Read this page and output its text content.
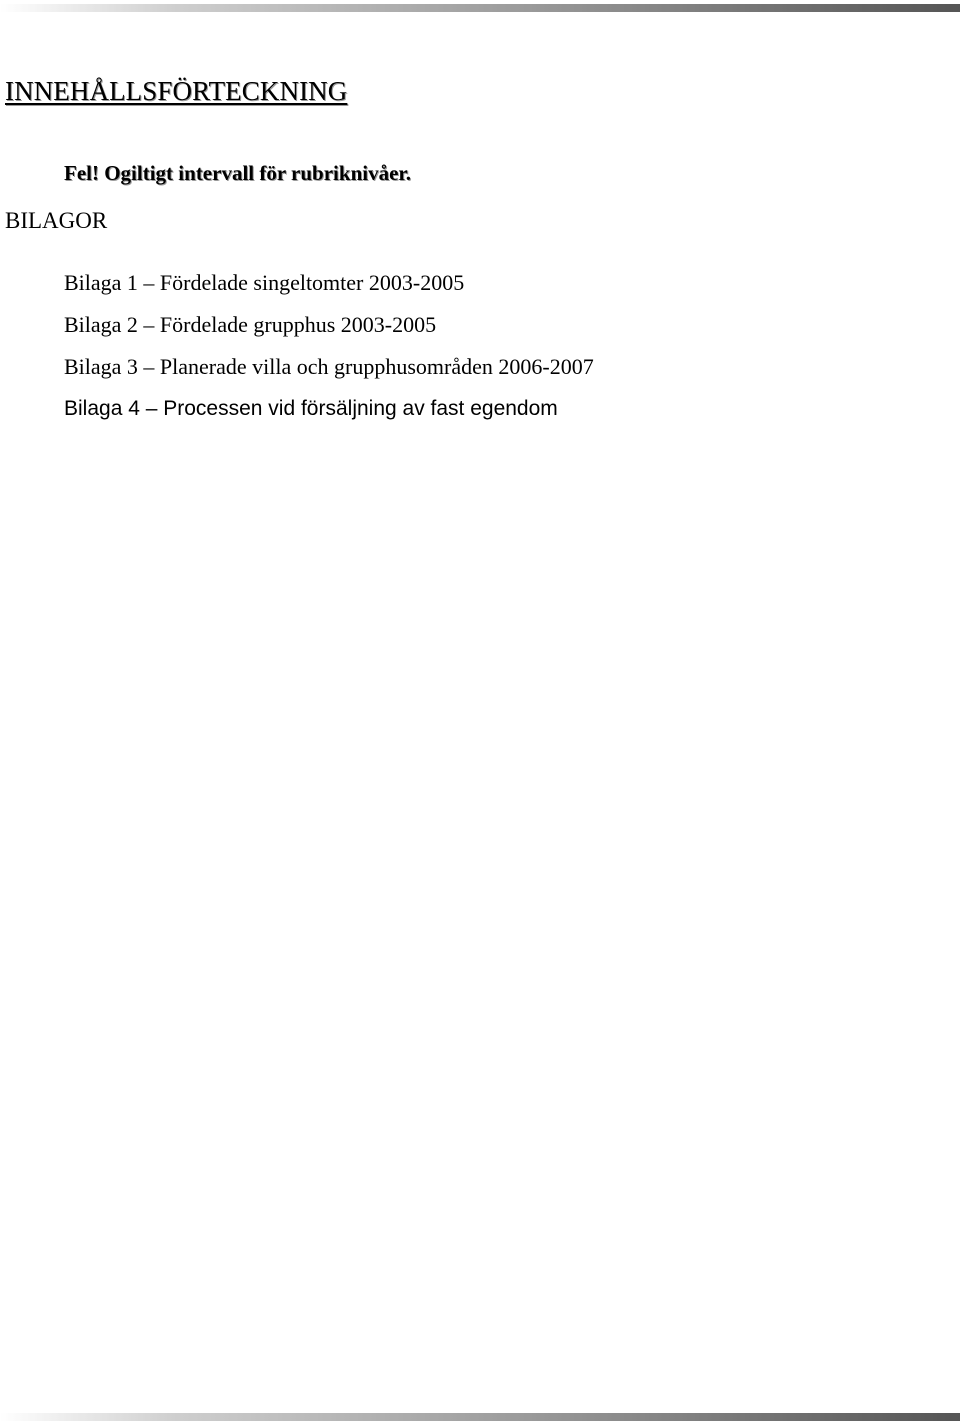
INNEHÅLLSFÖRTECKNING
Fel! Ogiltigt intervall för rubriknivåer.
BILAGOR
Bilaga 1 – Fördelade singeltomter 2003-2005
Bilaga 2 – Fördelade grupphus 2003-2005
Bilaga 3 – Planerade villa och grupphusområden 2006-2007
Bilaga 4 – Processen vid försäljning av fast egendom
